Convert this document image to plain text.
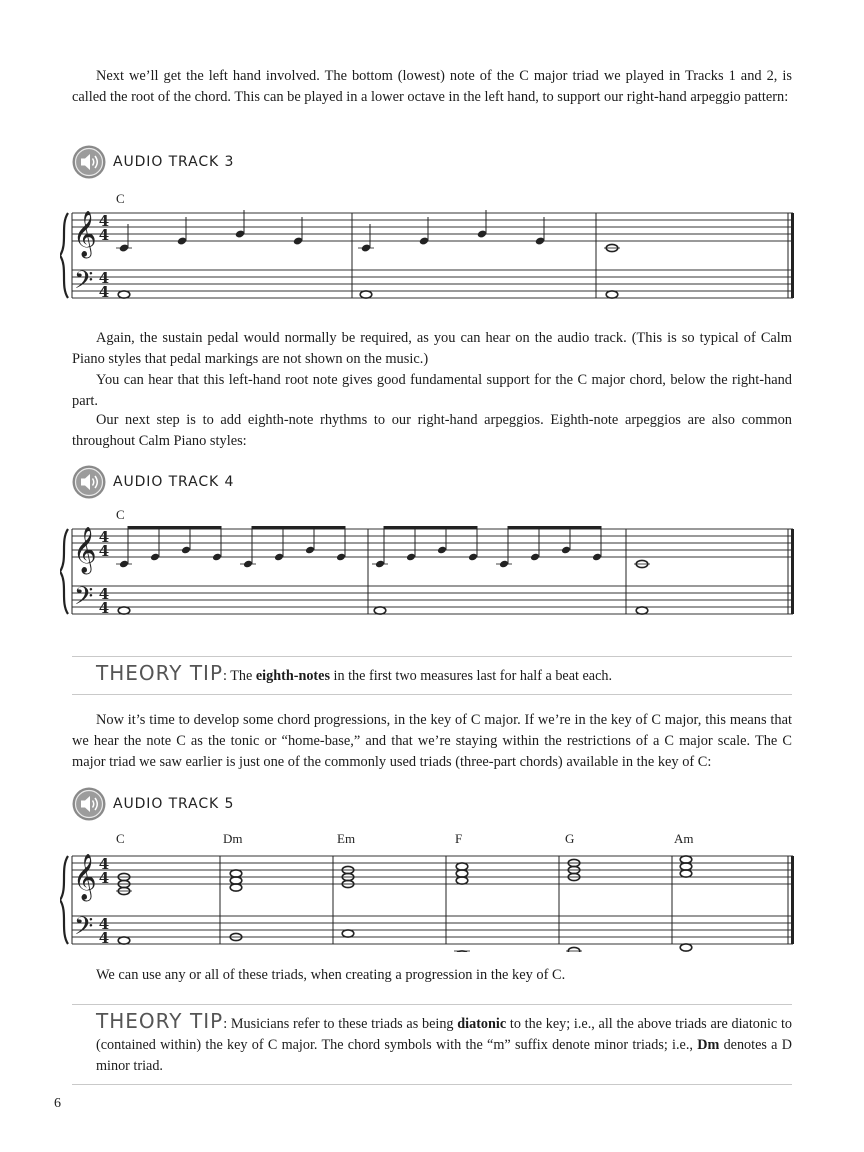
Next we’ll get the left hand involved. The bottom (lowest) note of the C major triad we played in Tracks 1 and 2, is called the root of the chord. This can be played in a lower octave in the left hand, to support our right-hand arpeggio pattern:

AUDIO TRACK 3
𝄞
𝄢
4
4
4
4
C

Again, the sustain pedal would normally be required, as you can hear on the audio track. (This is so typical of Calm Piano styles that pedal markings are not shown on the music.)

You can hear that this left-hand root note gives good fundamental support for the C major chord, below the right-hand part.

Our next step is to add eighth-note rhythms to our right-hand arpeggios. Eighth-note arpeggios are also common throughout Calm Piano styles:

AUDIO TRACK 4
𝄞
𝄢
4
4
4
4
C
THEORY TIP: The eighth-notes in the first two measures last for half a beat each.

Now it’s time to develop some chord progressions, in the key of C major. If we’re in the key of C major, this means that we hear the note C as the tonic or “home-base,” and that we’re staying within the restrictions of a C major scale. The C major triad we saw earlier is just one of the commonly used triads (three-part chords) available in the key of C:

AUDIO TRACK 5
𝄞
𝄢
4
4
4
4
C	Dm	Em	F	G	Am

We can use any or all of these triads, when creating a progression in the key of C.

THEORY TIP: Musicians refer to these triads as being diatonic to the key; i.e., all the above triads are diatonic to (contained within) the key of C major. The chord symbols with the “m” suffix denote minor triads; i.e., Dm denotes a D minor triad.
6
